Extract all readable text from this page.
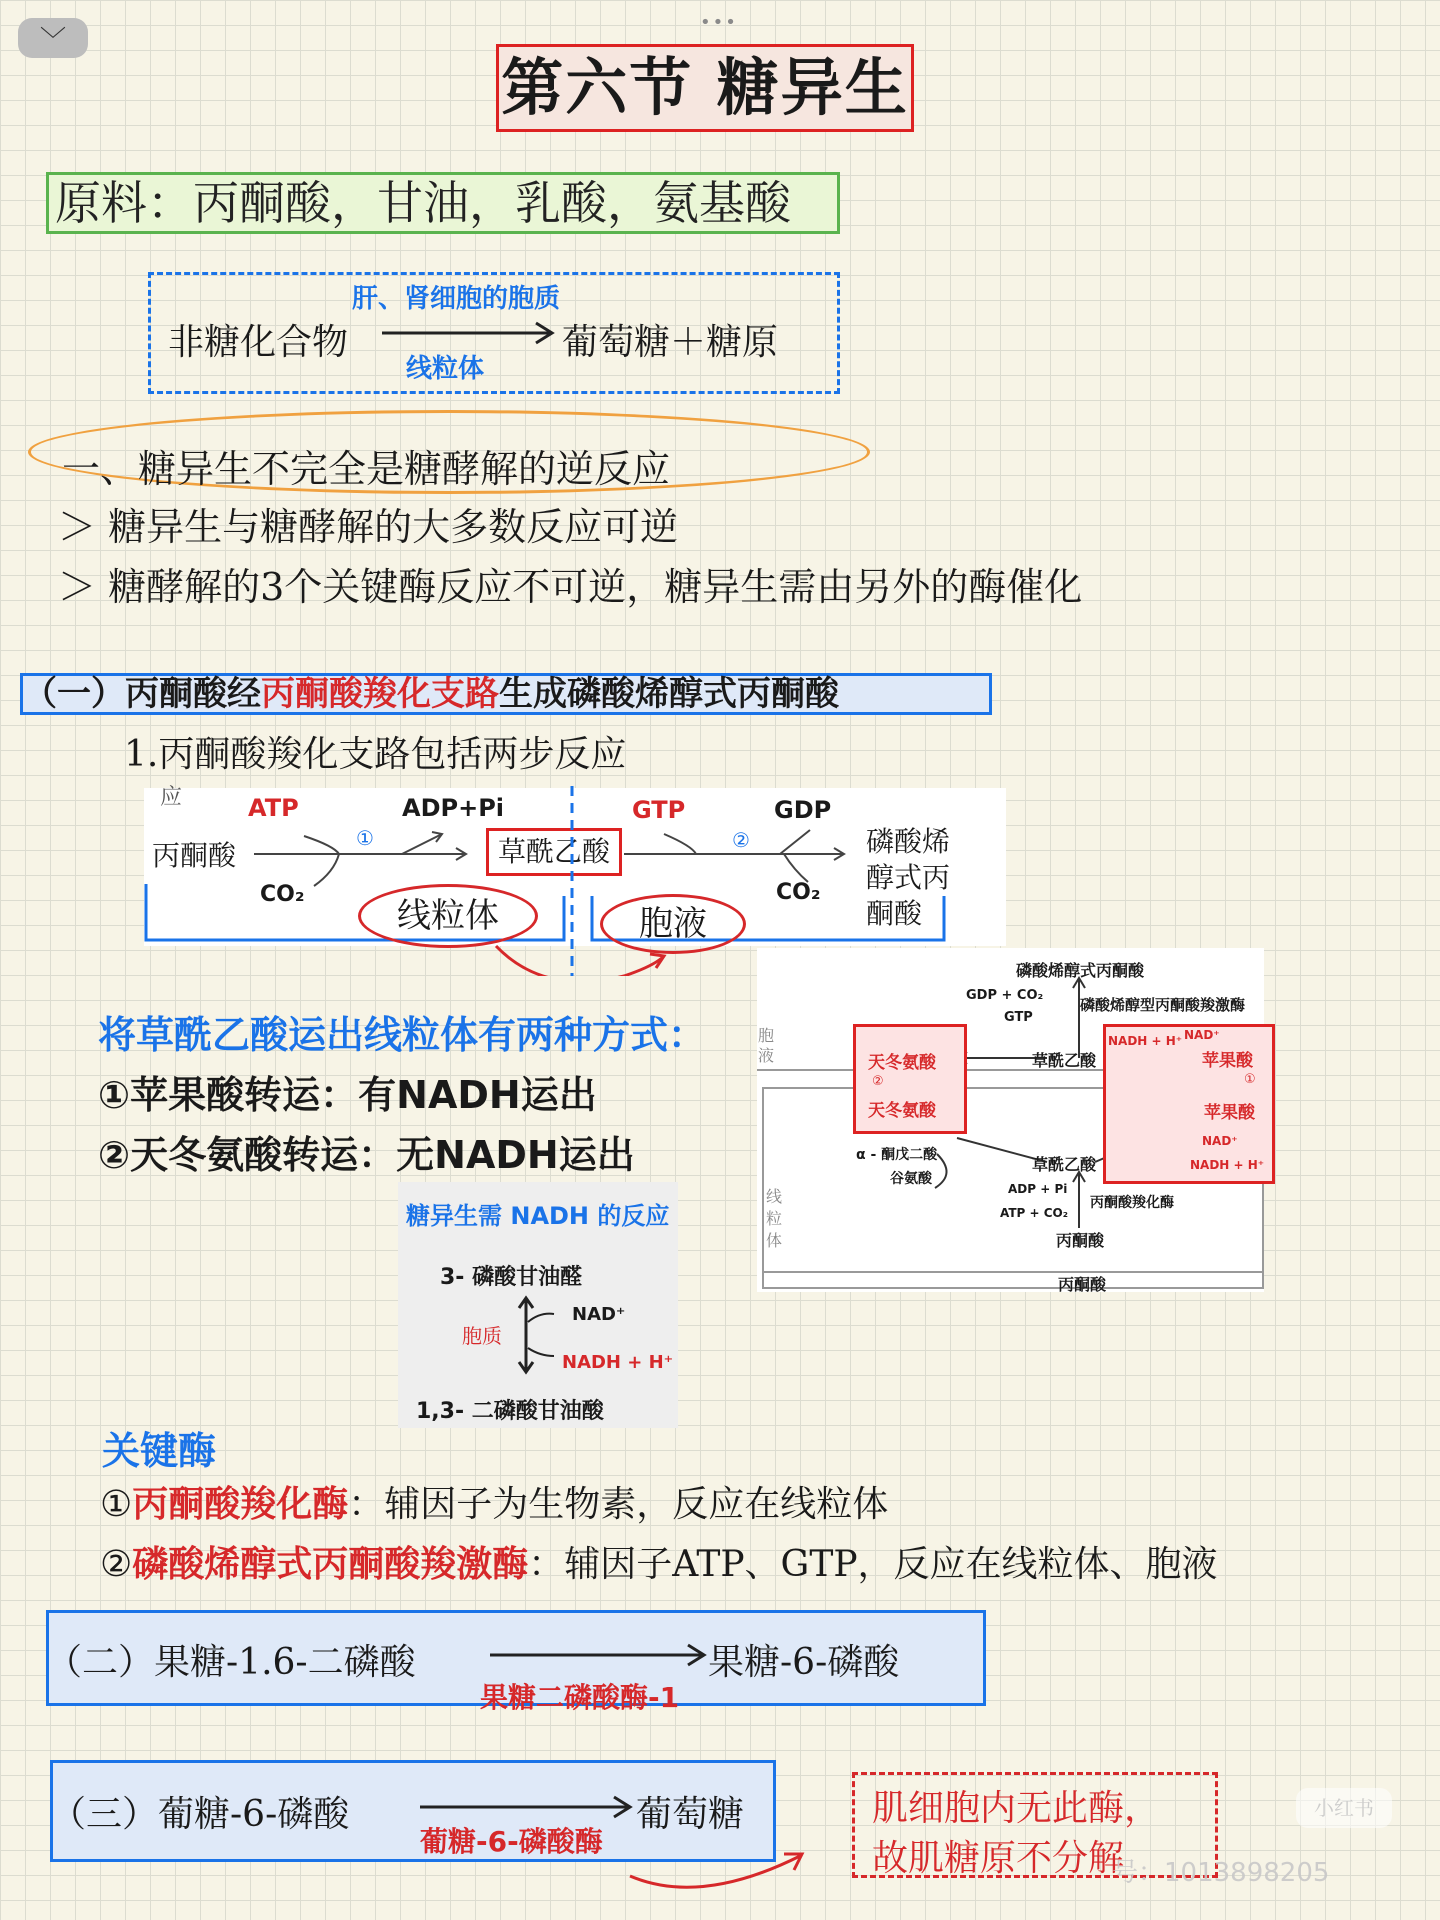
•••
﹀
第六节 糖异生
原料：丙酮酸，甘油，乳酸，氨基酸
肝、肾细胞的胞质
非糖化合物
线粒体
葡萄糖＋糖原
一、糖异生不完全是糖酵解的逆反应
＞ 糖异生与糖酵解的大多数反应可逆
＞ 糖酵解的3个关键酶反应不可逆，糖异生需由另外的酶催化
（一）丙酮酸经丙酮酸羧化支路生成磷酸烯醇式丙酮酸
1.丙酮酸羧化支路包括两步反应
应	ATP	ADP+Pi
丙酮酸
①
CO₂
草酰乙酸
GTP	GDP
②
CO₂
磷酸烯醇式丙酮酸
线粒体	胞液
将草酰乙酸运出线粒体有两种方式：
①苹果酸转运：有NADH运出
②天冬氨酸转运：无NADH运出
磷酸烯醇式丙酮酸
GDP + CO₂
GTP
磷酸烯醇型丙酮酸羧激酶
胞液	天冬氨酸
②
天冬氨酸
草酰乙酸
NADH + H⁺ NAD⁺
苹果酸
①
苹果酸
α - 酮戊二酸
谷氨酸
草酰乙酸
NAD⁺
NADH + H⁺
线粒体
ADP + Pi
ATP + CO₂
丙酮酸羧化酶
丙酮酸
丙酮酸
糖异生需 NADH 的反应
3- 磷酸甘油醛
胞质
NAD⁺
NADH + H⁺
1,3- 二磷酸甘油酸
关键酶
①丙酮酸羧化酶：辅因子为生物素，反应在线粒体
②磷酸烯醇式丙酮酸羧激酶：辅因子ATP、GTP，反应在线粒体、胞液
（二）果糖-1.6-二磷酸	果糖-6-磷酸
果糖二磷酸酶-1
（三）葡糖-6-磷酸	葡萄糖
葡糖-6-磷酸酶
肌细胞内无此酶，
故肌糖原不分解
小红书
号：1013898205
